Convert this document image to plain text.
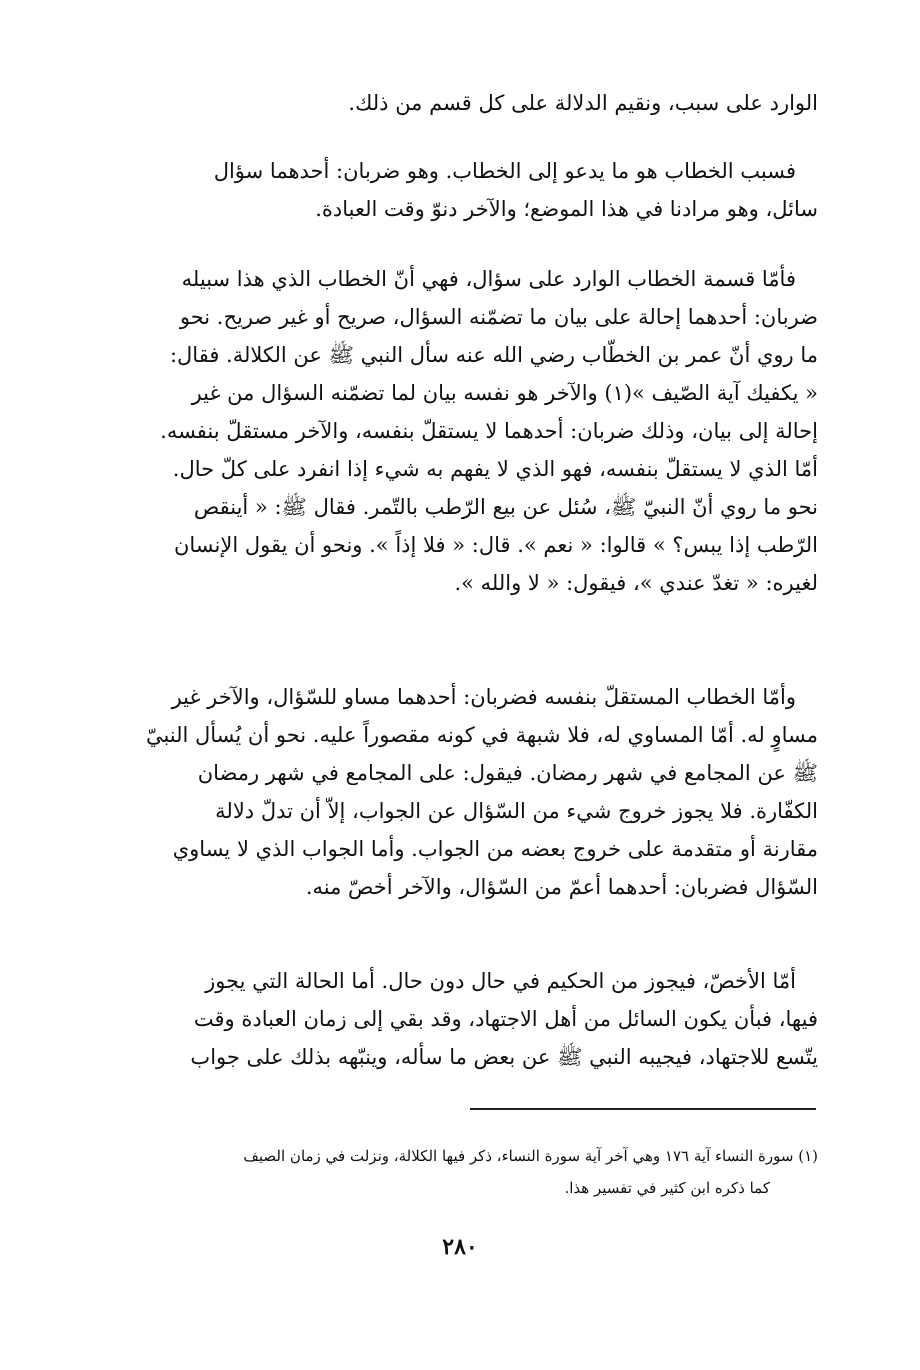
الوارد على سبب، ونقيم الدلالة على كل قسم من ذلك.
فسبب الخطاب هو ما يدعو إلى الخطاب. وهو ضربان: أحدهما سؤال
سائل، وهو مرادنا في هذا الموضع؛ والآخر دنوّ وقت العبادة.
فأمّا قسمة الخطاب الوارد على سؤال، فهي أنّ الخطاب الذي هذا سبيله
ضربان: أحدهما إحالة على بيان ما تضمّنه السؤال، صريح أو غير صريح. نحو
ما روي أنّ عمر بن الخطّاب رضي الله عنه سأل النبي ﷺ عن الكلالة. فقال:
« يكفيك آية الصّيف »(١) والآخر هو نفسه بيان لما تضمّنه السؤال من غير
إحالة إلى بيان، وذلك ضربان: أحدهما لا يستقلّ بنفسه، والآخر مستقلّ بنفسه.
أمّا الذي لا يستقلّ بنفسه، فهو الذي لا يفهم به شيء إذا انفرد على كلّ حال.
نحو ما روي أنّ النبيّ ﷺ، سُئل عن بيع الرّطب بالتّمر. فقال ﷺ: « أينقص
الرّطب إذا يبس؟ » قالوا: « نعم ». قال: « فلا إذاً ». ونحو أن يقول الإنسان
لغيره: « تغدّ عندي »، فيقول: « لا والله ».
وأمّا الخطاب المستقلّ بنفسه فضربان: أحدهما مساو للسّؤال، والآخر غير
مساوٍ له. أمّا المساوي له، فلا شبهة في كونه مقصوراً عليه. نحو أن يُسأل النبيّ
ﷺ عن المجامع في شهر رمضان. فيقول: على المجامع في شهر رمضان
الكفّارة. فلا يجوز خروج شيء من السّؤال عن الجواب، إلاّ أن تدلّ دلالة
مقارنة أو متقدمة على خروج بعضه من الجواب. وأما الجواب الذي لا يساوي
السّؤال فضربان: أحدهما أعمّ من السّؤال، والآخر أخصّ منه.
أمّا الأخصّ، فيجوز من الحكيم في حال دون حال. أما الحالة التي يجوز
فيها، فبأن يكون السائل من أهل الاجتهاد، وقد بقي إلى زمان العبادة وقت
يتّسع للاجتهاد، فيجيبه النبي ﷺ عن بعض ما سأله، وينبّهه بذلك على جواب
(١) سورة النساء آية ١٧٦ وهي آخر آية سورة النساء، ذكر فيها الكلالة، ونزلت في زمان الصيف
كما ذكره ابن كثير في تفسير هذا.
٢٨٠
